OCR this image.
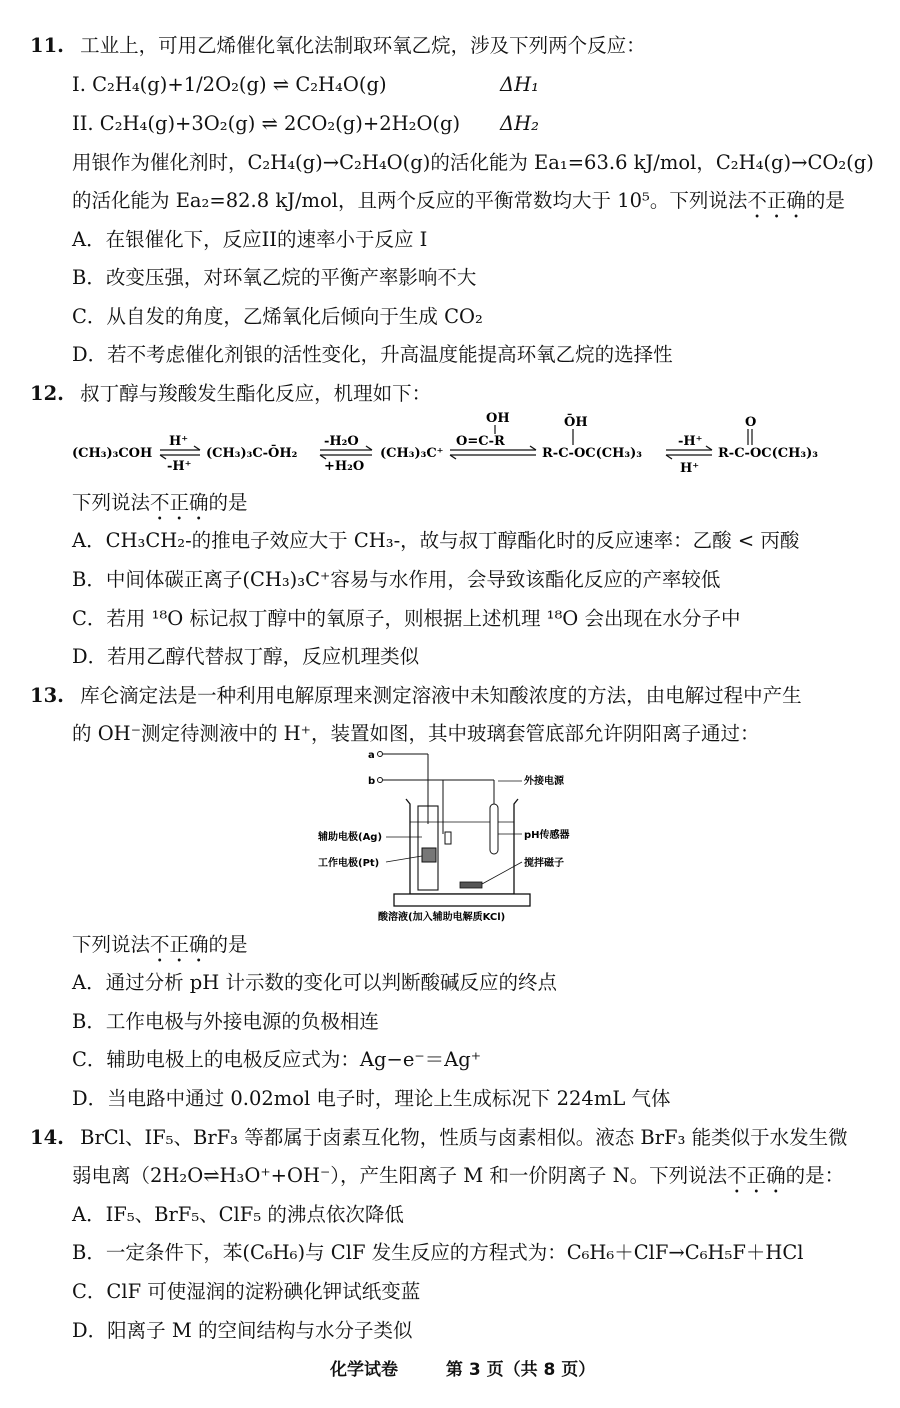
11. 工业上，可用乙烯催化氧化法制取环氧乙烷，涉及下列两个反应：
I. C₂H₄(g)+1/2O₂(g) ⇌ C₂H₄O(g)	ΔH₁
II. C₂H₄(g)+3O₂(g) ⇌ 2CO₂(g)+2H₂O(g) ΔH₂
用银作为催化剂时，C₂H₄(g)→C₂H₄O(g)的活化能为 Ea₁=63.6 kJ/mol，C₂H₄(g)→CO₂(g)
的活化能为 Ea₂=82.8 kJ/mol，且两个反应的平衡常数均大于 10⁵。下列说法不正确的是
A．在银催化下，反应II的速率小于反应 I
B．改变压强，对环氧乙烷的平衡产率影响不大
C．从自发的角度，乙烯氧化后倾向于生成 CO₂
D．若不考虑催化剂银的活性变化，升高温度能提高环氧乙烷的选择性
12. 叔丁醇与羧酸发生酯化反应，机理如下：
(CH₃)₃COH
H⁺
-H⁺
(CH₃)₃C-ŌH₂
-H₂O
+H₂O
(CH₃)₃C⁺
OH
O=C-R
ŌH
R-C-OC(CH₃)₃
-H⁺
H⁺
O
R-C-OC(CH₃)₃
下列说法不正确的是
A．CH₃CH₂-的推电子效应大于 CH₃-，故与叔丁醇酯化时的反应速率：乙酸 < 丙酸
B．中间体碳正离子(CH₃)₃C⁺容易与水作用，会导致该酯化反应的产率较低
C．若用 ¹⁸O 标记叔丁醇中的氧原子，则根据上述机理 ¹⁸O 会出现在水分子中
D．若用乙醇代替叔丁醇，反应机理类似
13. 库仑滴定法是一种利用电解原理来测定溶液中未知酸浓度的方法，由电解过程中产生
的 OH⁻测定待测液中的 H⁺，装置如图，其中玻璃套管底部允许阴阳离子通过：
a
b	外接电源
辅助电极(Ag)
工作电极(Pt)
pH传感器
搅拌磁子
酸溶液(加入辅助电解质KCl)
下列说法不正确的是
A．通过分析 pH 计示数的变化可以判断酸碱反应的终点
B．工作电极与外接电源的负极相连
C．辅助电极上的电极反应式为：Ag−e⁻＝Ag⁺
D．当电路中通过 0.02mol 电子时，理论上生成标况下 224mL 气体
14. BrCl、IF₅、BrF₃ 等都属于卤素互化物，性质与卤素相似。液态 BrF₃ 能类似于水发生微
弱电离（2H₂O⇌H₃O⁺+OH⁻），产生阳离子 M 和一价阴离子 N。下列说法不正确的是：
A．IF₅、BrF₅、ClF₅ 的沸点依次降低
B．一定条件下，苯(C₆H₆)与 ClF 发生反应的方程式为：C₆H₆＋ClF→C₆H₅F＋HCl
C．ClF 可使湿润的淀粉碘化钾试纸变蓝
D．阳离子 M 的空间结构与水分子类似
化学试卷	第 3 页（共 8 页）
